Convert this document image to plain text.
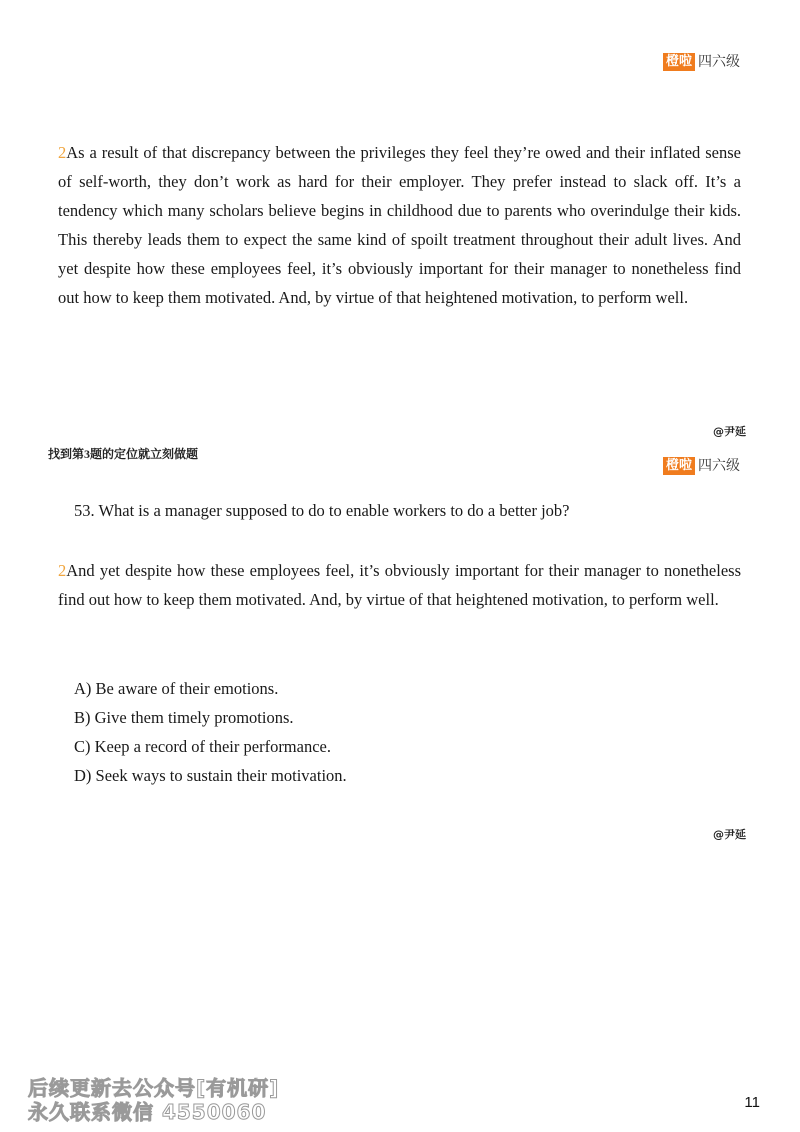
橙啦 四六级
2As a result of that discrepancy between the privileges they feel they’re owed and their inflated sense of self-worth, they don’t work as hard for their employer. They prefer instead to slack off. It’s a tendency which many scholars believe begins in childhood due to parents who overindulge their kids. This thereby leads them to expect the same kind of spoilt treatment throughout their adult lives. And yet despite how these employees feel, it’s obviously important for their manager to nonetheless find out how to keep them motivated. And, by virtue of that heightened motivation, to perform well.
@尹延
找到第3题的定位就立刻做题
橙啦 四六级
53. What is a manager supposed to do to enable workers to do a better job?
2And yet despite how these employees feel, it’s obviously important for their manager to nonetheless find out how to keep them motivated. And, by virtue of that heightened motivation, to perform well.
A) Be aware of their emotions.
B) Give them timely promotions.
C) Keep a record of their performance.
D) Seek ways to sustain their motivation.
@尹延
后续更新去公众号[有机研]
永久联系微信 4550060	11
